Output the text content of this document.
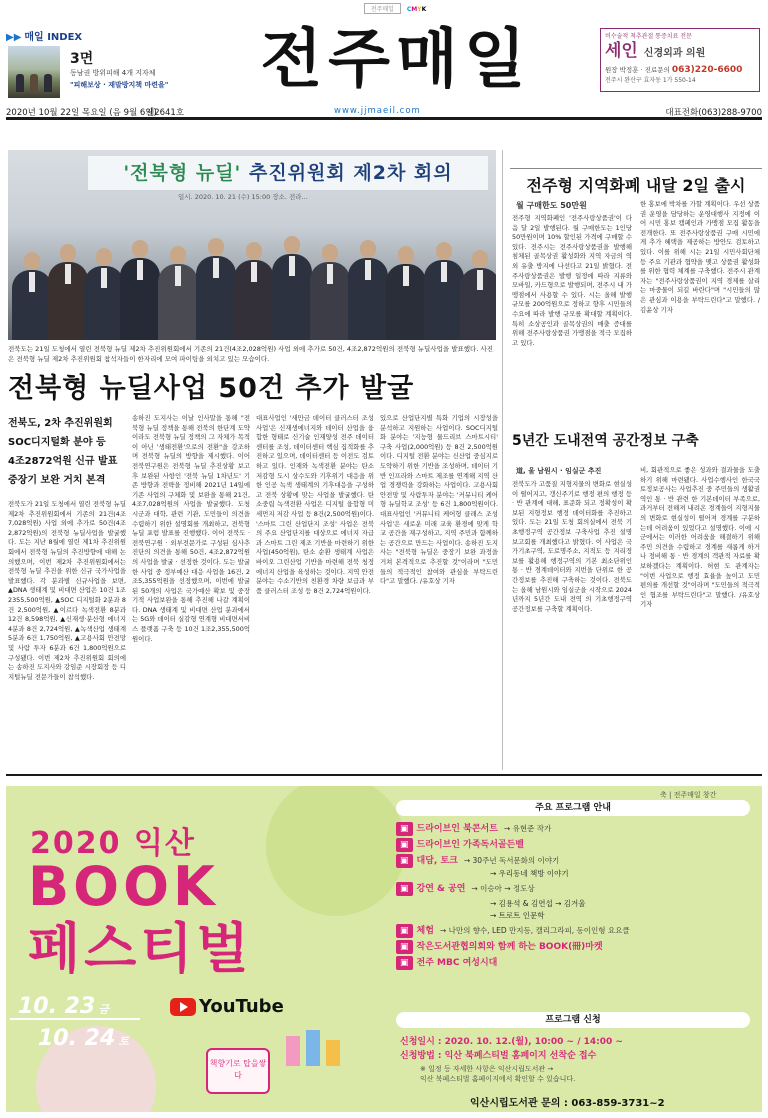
전주매일 CMYK
▶▶ 매일 INDEX
3면
동남권 방위피해 4개 지자체
"피해보상 · 재발방지책 마련을" 전주매일	비수술적 척추관절 통증치료 전문
세인 신경외과 의원
원장 박정훈 · 진료문의 063)220-6600
전주시 완산구 효자동 1가 550-14
2020년 10월 22일 목요일 (음 9월 6일)
제2641호	www.jjmaeil.com	대표전화(063)288-9700
'전북형 뉴딜' 추진위원회 제2차 회의
일시. 2020. 10. 21 (수) 15:00 장소. 전라...
전북도는 21일 도청에서 열린 전북형 뉴딜 제2차 추진위원회에서 기존의 21건(4조2,028억원) 사업 외에 추가로 50건, 4조2,872억원의 전북형 뉴딜사업을 발표했다. 사진은 전북형 뉴딜 제2차 추진위원회 참석자들이 한자리에 모여 파이팅을 외치고 있는 모습이다.
전북형 뉴딜사업 50건 추가 발굴

전북도, 2차 추진위원회

SOC디지털화 분야 등

4조2872억원 신규 발표

중장기 보완 거치 본격

전북도가 21일 도청에서 열린 전북형 뉴딜 제2차 추진위원회에서 기존의 21건(4조 7,028억원) 사업 외에 추가로 50건(4조 2,872억원)의 전북형 뉴딜사업을 발굴했다. 도는 지난 8월에 열린 제1차 추진위원회에서 전북형 뉴딜의 추진방향에 대해 논의했으며, 이번 제2차 추진위원회에서는 전북형 뉴딜 추진을 위한 신규 국가사업을 발표했다. 각 분과별 신규사업을 보면, ▲DNA 생태계 및 비대면 산업은 10건 1조 2355,500억원, ▲SOC 디지털화 2분과 8건 2,500억원, ▲이르다 녹색전환 8분과 12건 8,598억원, ▲신재생·분산형 에너지 4분과 8건 2,724억원, ▲녹색산업 생태계 5분과 6건 1,750억원, ▲고용사회 안전망 및 사람 투자 6분과 6건 1,800억원으로 구성됐다. 이번 제2차 추진위원회 회의에는 송하진 도지사와 강임준 시장회장 등 디지털뉴딜 전문가들이 참석했다.
송하진 도지사는 이날 인사말을 통해 "전북형 뉴딜 정책을 통해 전북의 한단계 도약이라도 전북형 뉴딜 정책의 그 자체가 목적이 아닌 '생태전환'으로의 전환"을 강조하며 전북형 뉴딜의 방향을 제시했다. 이어 전북연구원은 전북형 뉴딜 추진상황 보고 후 보완된 사항인 '전북 뉴딜 1차년도' 기존 방향과 전략을 정비해 2021년 14일에 기존 사업의 구체화 및 보완을 통해 21건, 4조7,028억원의 사업을 발굴했다. 도청 시군과 대학, 관련 기관, 도민들이 의견을 수렴하기 위한 설명회를 개최하고, 전북형 뉴딜 포럼 발표를 진행했다. 이어 전북도 · 전북연구원 · 외부전문가로 구성된 심사추진단의 의견을 통해 50건, 4조2,872억원의 사업을 발굴 · 선정한 것이다. 도는 발굴한 사업 중 정부예산 대응 사업을 16건, 2조5,355억원을 선정했으며, 이번에 발굴된 50개의 사업은 국가예산 확보 및 중장기적 사업보완을 통해 추진해 나갈 계획이다. DNA 생태계 및 비대면 산업 분과에서는 5G와 데이터 실감형 연계형 비대면서비스 플랫폼 구축 등 10건 1조2,355,500억원이다.
대표사업인 '새만금 데이터 클러스터 조성사업'은 신재생에너지와 데이터 산업을 융합한 형태로 신기술 인재양성 전주 데이터센터를 조성, 데이터센터 핵심 집적화를 추진하고 있으며, 데이터센터 등 이전도 검토하고 있다. 인재와 녹색전환 분야는 탄소 저감형 도시 상수도와 기후위기 대응을 위한 인공 녹색 생태계의 기후대응을 구성하고 전북 상황에 맞는 사업을 발굴했다. 탄소중립 녹색전환 사업은 디지털 융합형 미세먼지 저감 사업 등 8건(2,500억원)이다. '스마트 그린 산업단지 조성' 사업은 전북의 주요 산업단지를 대상으로 에너지 자급과 스마트 그린 제조 기반을 마련하기 위한 사업(450억원), 탄소 순환 생태계 사업은 바이오 그린산업 기반을 마련해 전북 청정 에너지 산업을 육성하는 것이다. 지역 안전 분야는 수소기반의 친환경 차량 보급과 부품 클러스터 조성 등 8건 2,724억원이다.
있으로 산업단지별 특화 기업의 시장성을 분석하고 지원하는 사업이다. SOC디지털화 분야는 '지능형 물드리브 스마트시티' 구축 사업(2,000억원) 등 8건 2,500억원이다. 디지털 전환 분야는 신산업 중심지로 도약하기 위한 기반을 조성하며, 데이터 기반 인프라와 스마트 제조를 연계해 지역 산업 경쟁력을 강화하는 사업이다. 고용사회 안전망 및 사람투자 분야는 '커뮤니티 케어형 뉴딜학교 조성' 등 6건 1,800억원이다. 대표사업인 '커뮤니티 케어형 클래스 조성사업'은 새로운 미래 교육 환경에 맞게 학교 공간을 재구성하고, 지역 주민과 함께하는 공간으로 만드는 사업이다. 송하진 도지사는 "전북형 뉴딜은 중장기 보완 과정을 거쳐 본격적으로 추진할 것"이라며 "도민들의 적극적인 참여와 관심을 부탁드린다"고 말했다. /유호상 기자
전주형 지역화폐 내달 2일 출시
월 구매한도 50만원
전주형 지역화폐인 '전주사랑상품권'이 다음 달 2일 발행된다. 월 구매한도는 1인당 50만원이며 10% 할인된 가격에 구매할 수 있다. 전주시는 전주사랑상품권을 발행해 침체된 골목상권 활성화와 지역 자금의 역외 유출 방지에 나선다고 21일 밝혔다. 전주사랑상품권은 발행 일정에 따라 지류와 모바일, 카드형으로 발행되며, 전주시 내 가맹점에서 사용할 수 있다. 시는 올해 발행 규모를 200억원으로 정하고 향후 시민들의 수요에 따라 발행 규모를 확대할 계획이다. 특히 소상공인과 골목상권의 매출 증대를 위해 전주사랑상품권 가맹점을 적극 모집하고 있다.
한 홍보에 박차를 가할 계획이다. 우선 상품권 운영을 담당하는 운영대행사 지정에 이어 시민 홍보 캠페인과 가맹점 모집 활동을 전개한다. 또 전주사랑상품권 구매 시민에게 추가 혜택을 제공하는 방안도 검토하고 있다. 이를 위해 시는 21일 시민사회단체 등 주요 기관과 협약을 맺고 상품권 활성화를 위한 협력 체계를 구축했다. 전주시 관계자는 "전주사랑상품권이 지역 경제를 살리는 마중물이 되길 바란다"며 "시민들의 많은 관심과 이용을 부탁드린다"고 말했다. /김윤상 기자
5년간 도내전역 공간정보 구축
道, 울 남원시 · 임실군 추진
전북도가 고품질 지형지물의 변화로 현실성이 떨어지고, 갱신주기로 행정 편의 행정 등 · 반 관계에 대해, 표준화 되고 정확성이 확보된 지형정보 행정 데이터화를 추진하고 있다. 도는 21일 도청 회의실에서 전북 기초행정구역 공간정보 구축사업 추진 설명 보고회를 개최했다고 밝혔다. 이 사업은 국가기초구역, 도로명주소, 지적도 등 지리정보를 활용해 행정구역의 기본 최소단위인 통 · 반 경계데이터와 지번을 단위로 한 공간정보를 추진해 구축하는 것이다. 전북도는 올해 남원시와 임실군을 시작으로 2024년까지 5년간 도내 전역 의 기초행정구역 공간정보를 구축할 계획이다.
비, 회관적으로 좋은 성과와 결과물을 도출하기 위해 마련됐다. 사업수행사인 한국국토정보공사는 사업추진 중 주민들의 생활권역인 통 · 반 관련 한 기본데이터 부족으로, 과거부터 전해져 내려온 경계들이 지형지물의 변화로 현실성이 떨어져 경계를 구분하는데 어려움이 있었다고 설명했다. 이에 시군에서는 이러한 어려움을 해결하기 위해 주민 의견을 수렴하고 경계를 새롭게 하거나 정비해 통 · 반 경계의 객관적 자료를 확보하겠다는 계획이다. 허현 도 관계자는 "이번 사업으로 행정 효율을 높이고 도민 편의를 개선할 것"이라며 "도민들의 적극적인 협조를 부탁드린다"고 말했다. /유호상 기자
축 | 전주매일 창간
2020 익산
BOOK
페스티벌
10. 23 금
10. 24 토
YouTube
책향기로 탑을쌓다
주요 프로그램 안내
▣ 드라이브인 북콘서트 → 유현준 작가
▣ 드라이브인 가족독서골든벨
▣ 대담, 토크 → 30주년 독서문화의 이야기
→ 우리동네 책방 이야기
▣ 강연 & 공연 → 이승아 → 정도상
→ 김용석 & 김연섭 → 김겨울
→ 트로트 인문학
▣ 체험 → 나만의 향수, LED 만지등, 캘리그라피, 동이인형 요요클
▣ 작은도서관협의회와 함께 하는 BOOK(冊)마켓
▣ 전주 MBC 여성시대
프로그램 신청
신청일시 : 2020. 10. 12.(월), 10:00 ~ / 14:00 ~
신청방법 : 익산 북페스티벌 홈페이지 선착순 접수
※ 일정 등 자세한 사항은 익산시립도서관 →
익산 북페스티벌 홈페이지에서 확인할 수 있습니다.
익산시립도서관 문의 : 063-859-3731~2
